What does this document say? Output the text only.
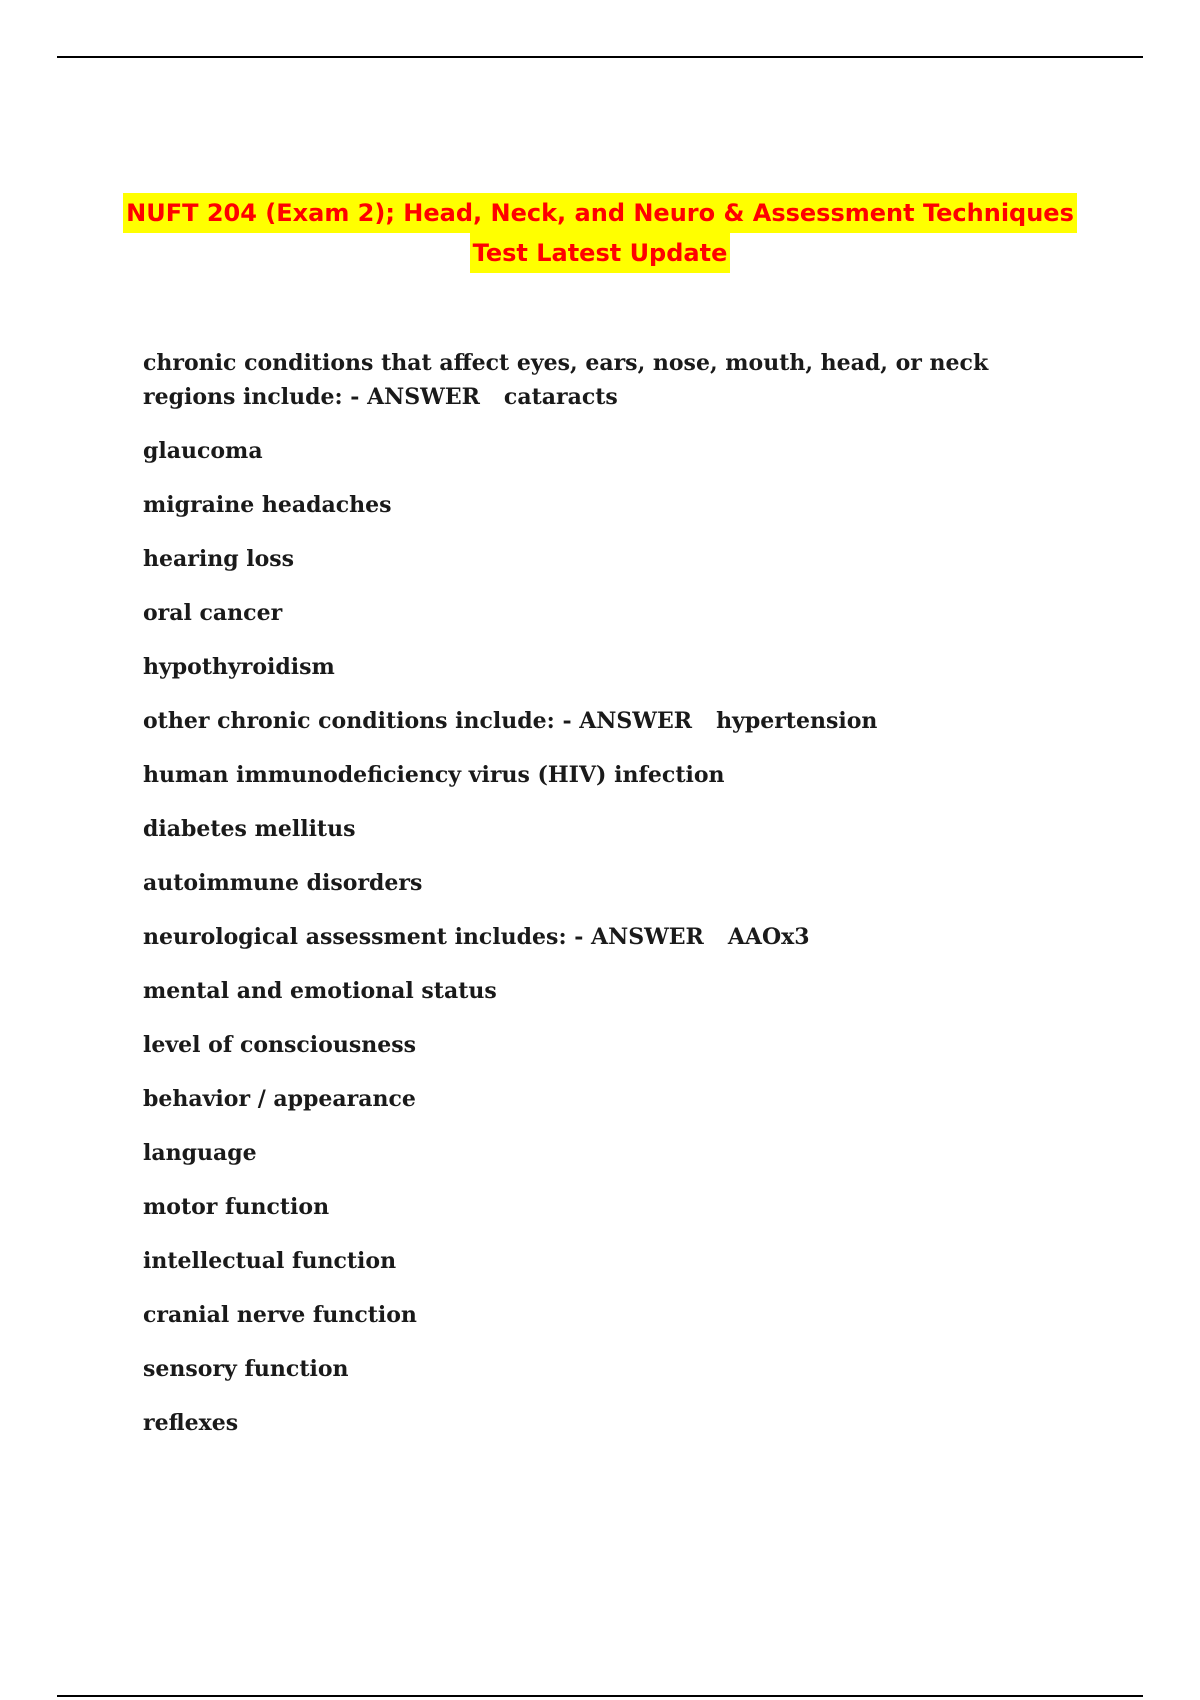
NUFT 204 (Exam 2); Head, Neck, and Neuro & Assessment Techniques
Test Latest Update
chronic conditions that affect eyes, ears, nose, mouth, head, or neck regions include: - ANSWER cataracts
glaucoma
migraine headaches
hearing loss
oral cancer
hypothyroidism
other chronic conditions include: - ANSWER hypertension
human immunodeficiency virus (HIV) infection
diabetes mellitus
autoimmune disorders
neurological assessment includes: - ANSWER AAOx3
mental and emotional status
level of consciousness
behavior / appearance
language
motor function
intellectual function
cranial nerve function
sensory function
reflexes
